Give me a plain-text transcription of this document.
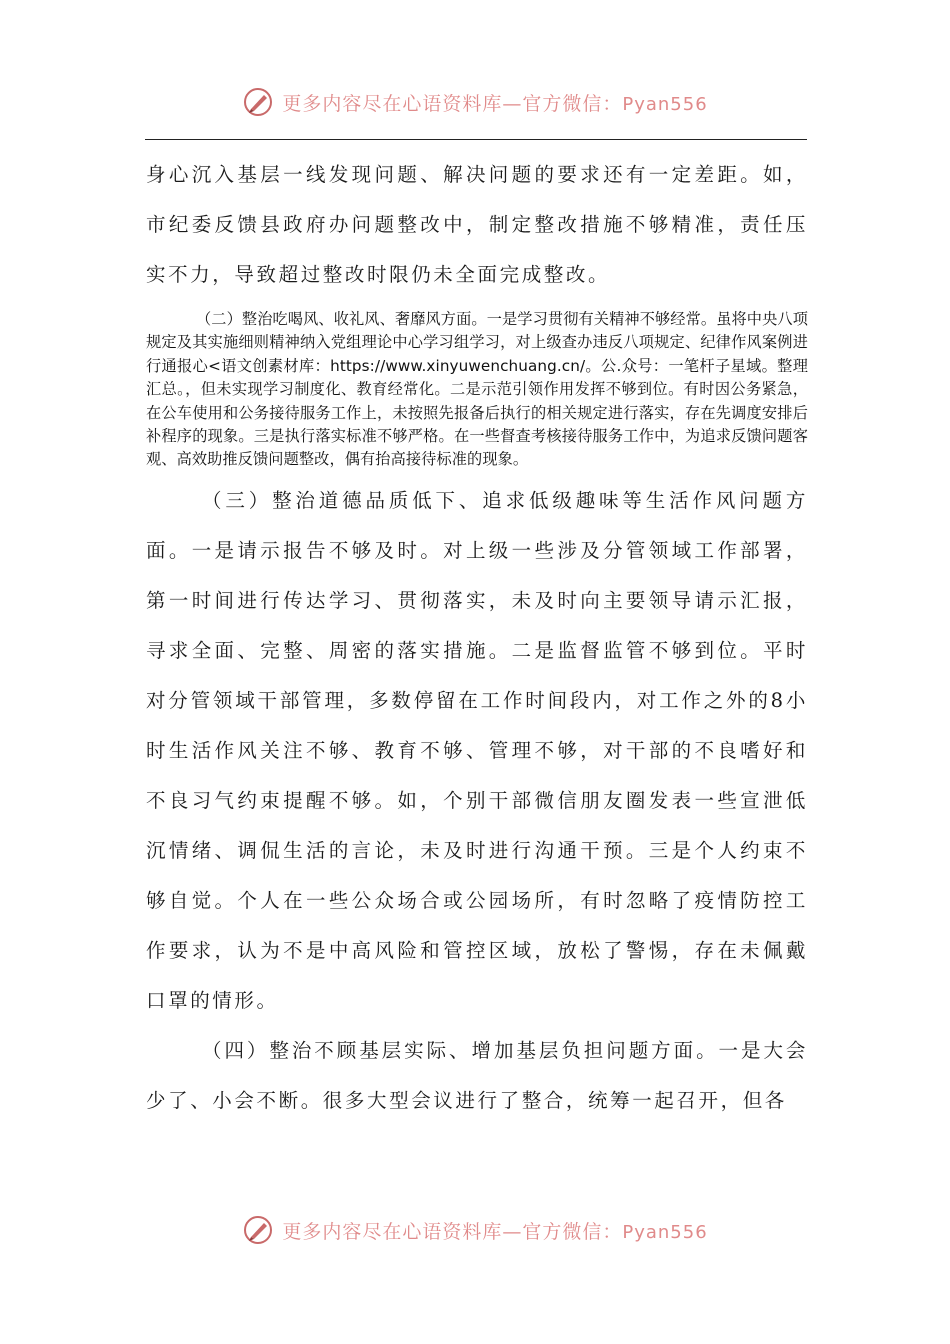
更多内容尽在心语资料库—官方微信：Pyan556

身心沉入基层一线发现问题、解决问题的要求还有一定差距。如，市纪委反馈县政府办问题整改中，制定整改措施不够精准，责任压实不力，导致超过整改时限仍未全面完成整改。

（二）整治吃喝风、收礼风、奢靡风方面。一是学习贯彻有关精神不够经常。虽将中央八项规定及其实施细则精神纳入党组理论中心学习组学习，对上级查办违反八项规定、纪律作风案例进行通报心<语文创素材库：https://www.xinyuwenchuang.cn/。公.众号：一笔杆子星域。整理汇总。，但未实现学习制度化、教育经常化。二是示范引领作用发挥不够到位。有时因公务紧急，在公车使用和公务接待服务工作上，未按照先报备后执行的相关规定进行落实，存在先调度安排后补程序的现象。三是执行落实标准不够严格。在一些督查考核接待服务工作中，为追求反馈问题客观、高效助推反馈问题整改，偶有抬高接待标准的现象。

（三）整治道德品质低下、追求低级趣味等生活作风问题方面。一是请示报告不够及时。对上级一些涉及分管领域工作部署，第一时间进行传达学习、贯彻落实，未及时向主要领导请示汇报，寻求全面、完整、周密的落实措施。二是监督监管不够到位。平时对分管领域干部管理，多数停留在工作时间段内，对工作之外的8小时生活作风关注不够、教育不够、管理不够，对干部的不良嗜好和不良习气约束提醒不够。如，个别干部微信朋友圈发表一些宣泄低沉情绪、调侃生活的言论，未及时进行沟通干预。三是个人约束不够自觉。个人在一些公众场合或公园场所，有时忽略了疫情防控工作要求，认为不是中高风险和管控区域，放松了警惕，存在未佩戴口罩的情形。

（四）整治不顾基层实际、增加基层负担问题方面。一是大会少了、小会不断。很多大型会议进行了整合，统筹一起召开，但各

更多内容尽在心语资料库—官方微信：Pyan556
